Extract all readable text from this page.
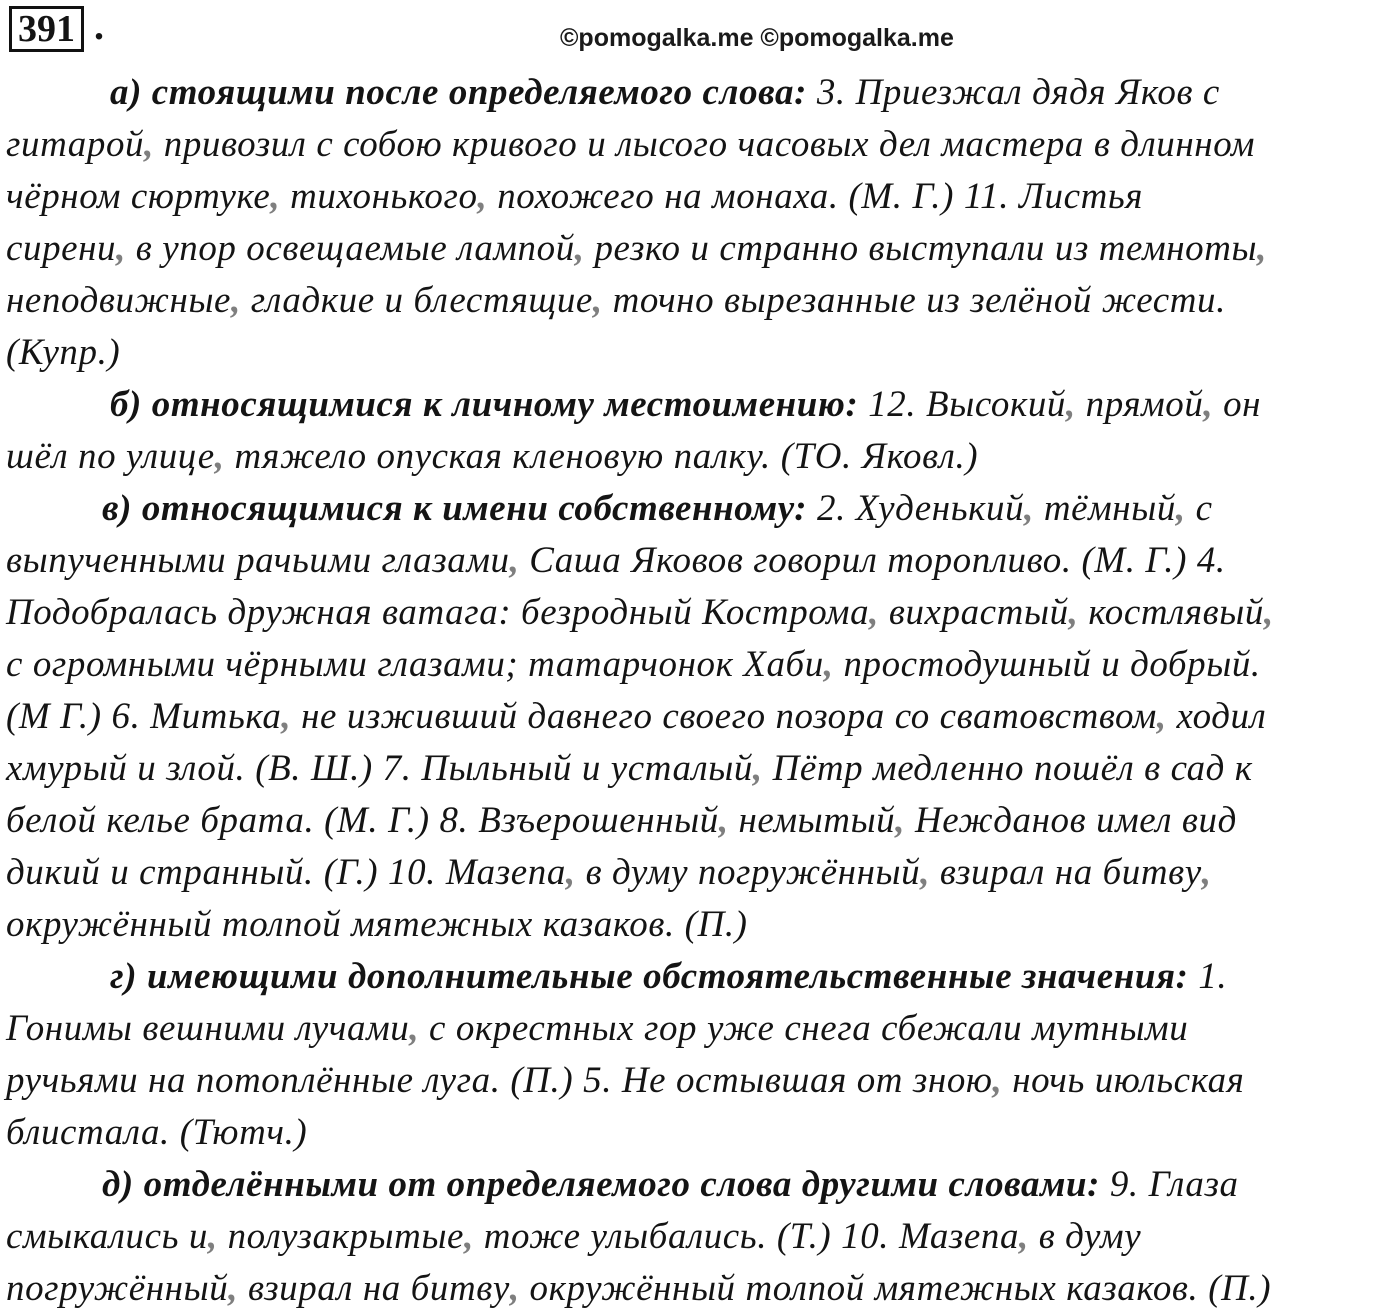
391 .	©pomogalka.me ©pomogalka.me
а) стоящими после определяемого слова: 3. Приезжал дядя Яков с
гитарой, привозил с собою кривого и лысого часовых дел мастера в длинном
чёрном сюртуке, тихонького, похожего на монаха. (М. Г.) 11. Листья
сирени, в упор освещаемые лампой, резко и странно выступали из темноты,
неподвижные, гладкие и блестящие, точно вырезанные из зелёной жести.
(Купр.)
б) относящимися к личному местоимению: 12. Высокий, прямой, он
шёл по улице, тяжело опуская кленовую палку. (ТО. Яковл.)
в) относящимися к имени собственному: 2. Худенький, тёмный, с
выпученными рачьими глазами, Саша Яковов говорил торопливо. (М. Г.) 4.
Подобралась дружная ватага: безродный Кострома, вихрастый, костлявый,
с огромными чёрными глазами; татарчонок Хаби, простодушный и добрый.
(М Г.) 6. Митька, не изживший давнего своего позора со сватовством, ходил
хмурый и злой. (В. Ш.) 7. Пыльный и усталый, Пётр медленно пошёл в сад к
белой келье брата. (М. Г.) 8. Взъерошенный, немытый, Нежданов имел вид
дикий и странный. (Г.) 10. Мазепа, в думу погружённый, взирал на битву,
окружённый толпой мятежных казаков. (П.)
г) имеющими дополнительные обстоятельственные значения: 1.
Гонимы вешними лучами, с окрестных гор уже снега сбежали мутными
ручьями на потоплённые луга. (П.) 5. Не остывшая от зною, ночь июльская
блистала. (Тютч.)
д) отделёнными от определяемого слова другими словами: 9. Глаза
смыкались и, полузакрытые, тоже улыбались. (Т.) 10. Мазепа, в думу
погружённый, взирал на битву, окружённый толпой мятежных казаков. (П.)
